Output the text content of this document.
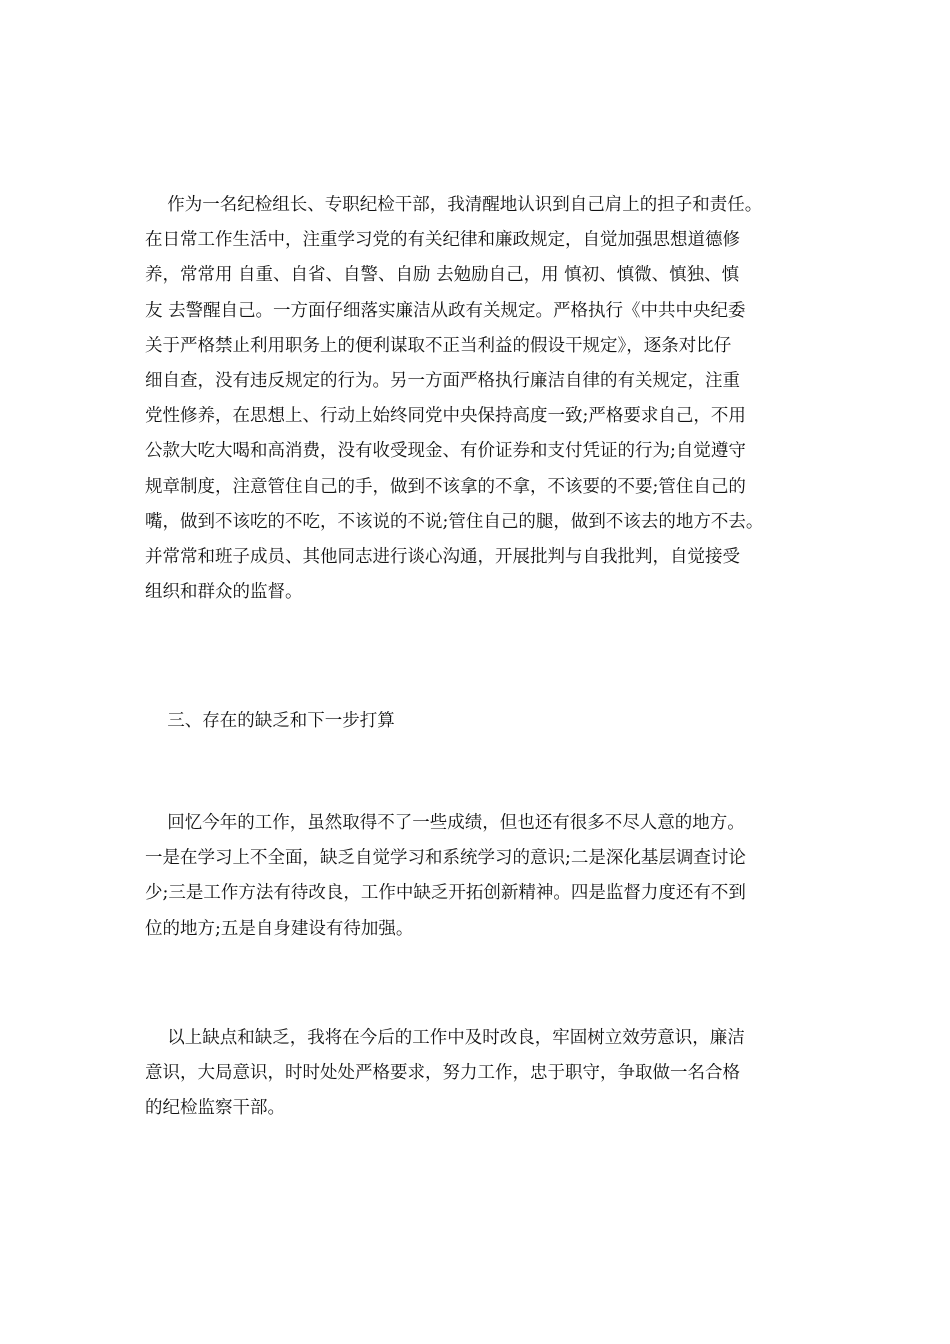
作为一名纪检组长、专职纪检干部，我清醒地认识到自己肩上的担子和责任。
在日常工作生活中，注重学习党的有关纪律和廉政规定，自觉加强思想道德修
养，常常用 自重、自省、自警、自励 去勉励自己，用 慎初、慎微、慎独、慎
友 去警醒自己。一方面仔细落实廉洁从政有关规定。严格执行《中共中央纪委
关于严格禁止利用职务上的便利谋取不正当利益的假设干规定》，逐条对比仔
细自查，没有违反规定的行为。另一方面严格执行廉洁自律的有关规定，注重
党性修养，在思想上、行动上始终同党中央保持高度一致;严格要求自己，不用
公款大吃大喝和高消费，没有收受现金、有价证券和支付凭证的行为;自觉遵守
规章制度，注意管住自己的手，做到不该拿的不拿，不该要的不要;管住自己的
嘴，做到不该吃的不吃，不该说的不说;管住自己的腿，做到不该去的地方不去。
并常常和班子成员、其他同志进行谈心沟通，开展批判与自我批判，自觉接受
组织和群众的监督。
三、存在的缺乏和下一步打算
回忆今年的工作，虽然取得不了一些成绩，但也还有很多不尽人意的地方。
一是在学习上不全面，缺乏自觉学习和系统学习的意识;二是深化基层调查讨论
少;三是工作方法有待改良，工作中缺乏开拓创新精神。四是监督力度还有不到
位的地方;五是自身建设有待加强。
以上缺点和缺乏，我将在今后的工作中及时改良，牢固树立效劳意识，廉洁
意识，大局意识，时时处处严格要求，努力工作，忠于职守，争取做一名合格
的纪检监察干部。
